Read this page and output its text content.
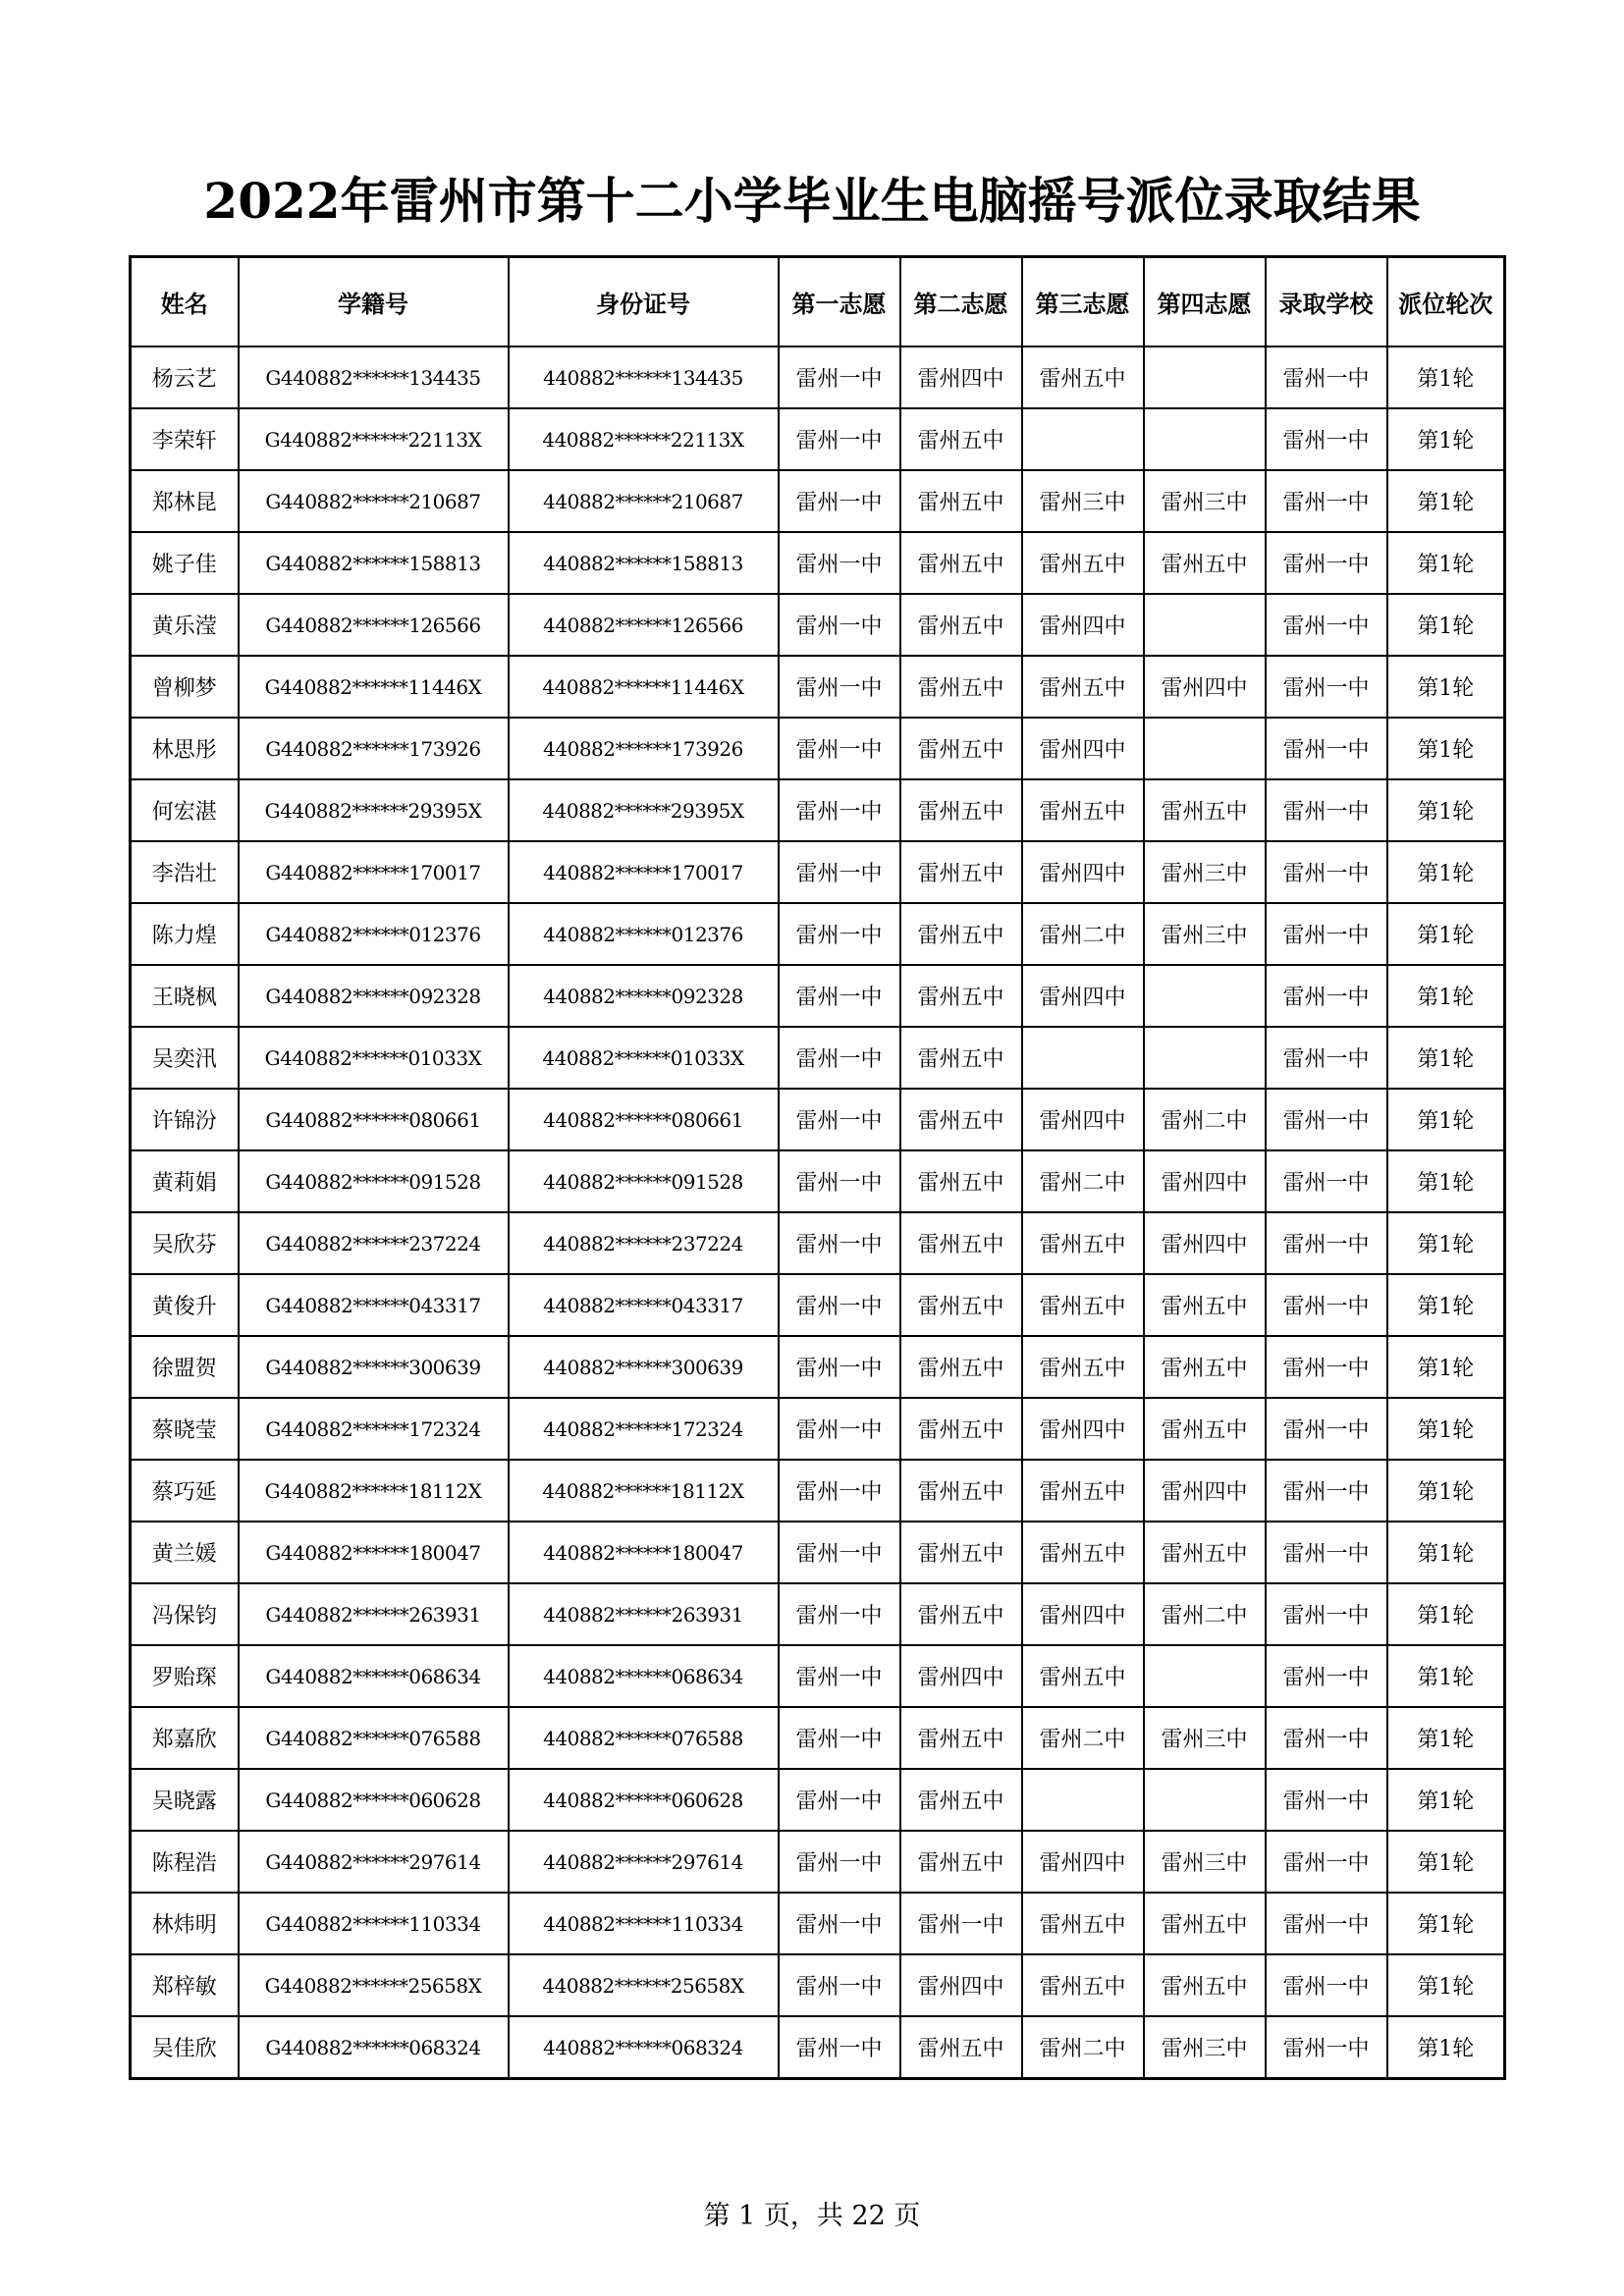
2022年雷州市第十二小学毕业生电脑摇号派位录取结果
姓名	学籍号	身份证号	第一志愿	第二志愿	第三志愿	第四志愿	录取学校	派位轮次
杨云艺	G440882******134435	440882******134435	雷州一中	雷州四中	雷州五中		雷州一中	第1轮
李荣轩	G440882******22113X	440882******22113X	雷州一中	雷州五中			雷州一中	第1轮
郑林昆	G440882******210687	440882******210687	雷州一中	雷州五中	雷州三中	雷州三中	雷州一中	第1轮
姚子佳	G440882******158813	440882******158813	雷州一中	雷州五中	雷州五中	雷州五中	雷州一中	第1轮
黄乐滢	G440882******126566	440882******126566	雷州一中	雷州五中	雷州四中		雷州一中	第1轮
曾柳梦	G440882******11446X	440882******11446X	雷州一中	雷州五中	雷州五中	雷州四中	雷州一中	第1轮
林思彤	G440882******173926	440882******173926	雷州一中	雷州五中	雷州四中		雷州一中	第1轮
何宏湛	G440882******29395X	440882******29395X	雷州一中	雷州五中	雷州五中	雷州五中	雷州一中	第1轮
李浩壮	G440882******170017	440882******170017	雷州一中	雷州五中	雷州四中	雷州三中	雷州一中	第1轮
陈力煌	G440882******012376	440882******012376	雷州一中	雷州五中	雷州二中	雷州三中	雷州一中	第1轮
王晓枫	G440882******092328	440882******092328	雷州一中	雷州五中	雷州四中		雷州一中	第1轮
吴奕汛	G440882******01033X	440882******01033X	雷州一中	雷州五中			雷州一中	第1轮
许锦汾	G440882******080661	440882******080661	雷州一中	雷州五中	雷州四中	雷州二中	雷州一中	第1轮
黄莉娟	G440882******091528	440882******091528	雷州一中	雷州五中	雷州二中	雷州四中	雷州一中	第1轮
吴欣芬	G440882******237224	440882******237224	雷州一中	雷州五中	雷州五中	雷州四中	雷州一中	第1轮
黄俊升	G440882******043317	440882******043317	雷州一中	雷州五中	雷州五中	雷州五中	雷州一中	第1轮
徐盟贺	G440882******300639	440882******300639	雷州一中	雷州五中	雷州五中	雷州五中	雷州一中	第1轮
蔡晓莹	G440882******172324	440882******172324	雷州一中	雷州五中	雷州四中	雷州五中	雷州一中	第1轮
蔡巧延	G440882******18112X	440882******18112X	雷州一中	雷州五中	雷州五中	雷州四中	雷州一中	第1轮
黄兰媛	G440882******180047	440882******180047	雷州一中	雷州五中	雷州五中	雷州五中	雷州一中	第1轮
冯保钧	G440882******263931	440882******263931	雷州一中	雷州五中	雷州四中	雷州二中	雷州一中	第1轮
罗贻琛	G440882******068634	440882******068634	雷州一中	雷州四中	雷州五中		雷州一中	第1轮
郑嘉欣	G440882******076588	440882******076588	雷州一中	雷州五中	雷州二中	雷州三中	雷州一中	第1轮
吴晓露	G440882******060628	440882******060628	雷州一中	雷州五中			雷州一中	第1轮
陈程浩	G440882******297614	440882******297614	雷州一中	雷州五中	雷州四中	雷州三中	雷州一中	第1轮
林炜明	G440882******110334	440882******110334	雷州一中	雷州一中	雷州五中	雷州五中	雷州一中	第1轮
郑梓敏	G440882******25658X	440882******25658X	雷州一中	雷州四中	雷州五中	雷州五中	雷州一中	第1轮
吴佳欣	G440882******068324	440882******068324	雷州一中	雷州五中	雷州二中	雷州三中	雷州一中	第1轮
第 1 页，共 22 页
